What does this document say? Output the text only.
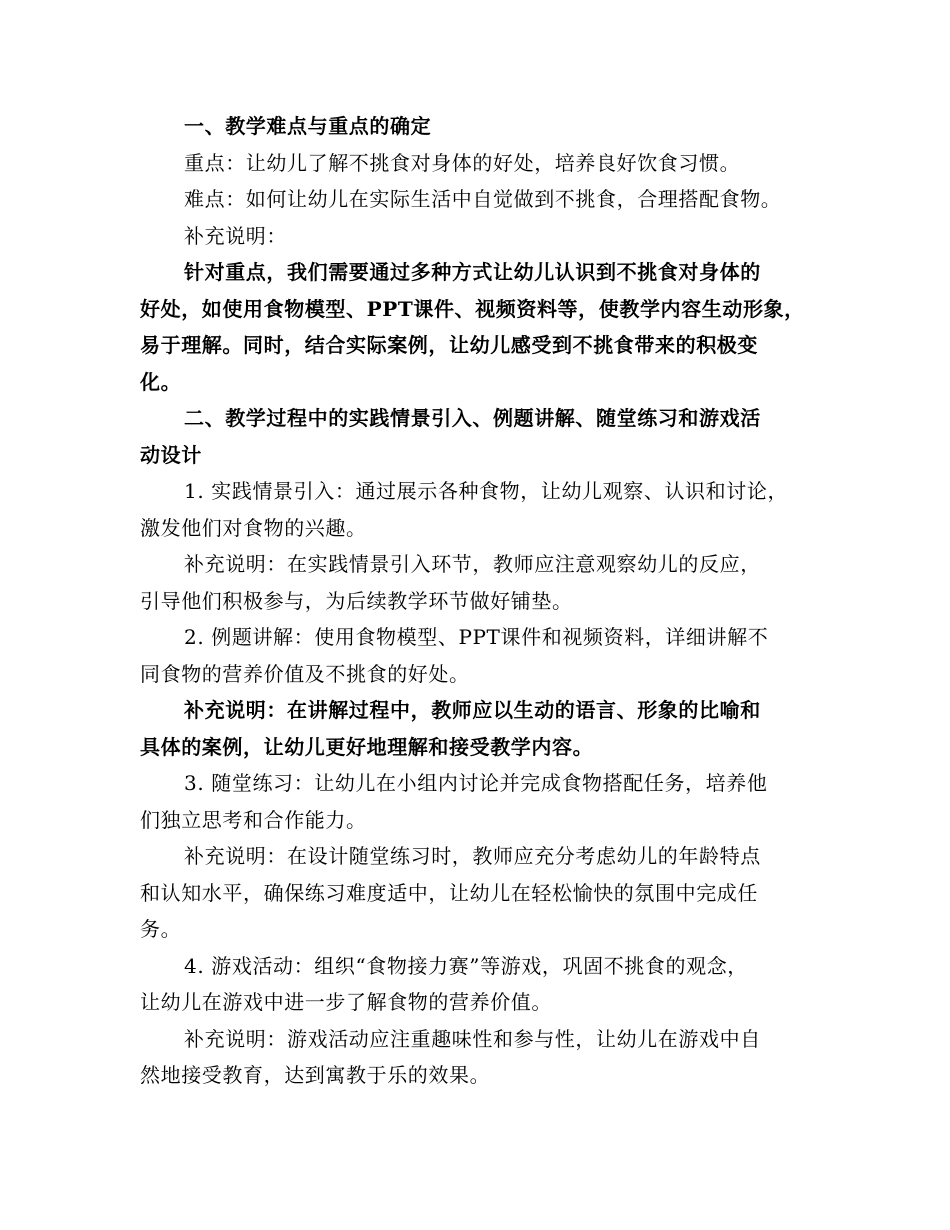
一、教学难点与重点的确定

重点：让幼儿了解不挑食对身体的好处，培养良好饮食习惯。

难点：如何让幼儿在实际生活中自觉做到不挑食，合理搭配食物。

补充说明：

针对重点，我们需要通过多种方式让幼儿认识到不挑食对身体的
好处，如使用食物模型、PPT课件、视频资料等，使教学内容生动形象，
易于理解。同时，结合实际案例，让幼儿感受到不挑食带来的积极变
化。

二、教学过程中的实践情景引入、例题讲解、随堂练习和游戏活
动设计

1. 实践情景引入：通过展示各种食物，让幼儿观察、认识和讨论，
激发他们对食物的兴趣。

补充说明：在实践情景引入环节，教师应注意观察幼儿的反应，
引导他们积极参与，为后续教学环节做好铺垫。

2. 例题讲解：使用食物模型、PPT课件和视频资料，详细讲解不
同食物的营养价值及不挑食的好处。

补充说明：在讲解过程中，教师应以生动的语言、形象的比喻和
具体的案例，让幼儿更好地理解和接受教学内容。

3. 随堂练习：让幼儿在小组内讨论并完成食物搭配任务，培养他
们独立思考和合作能力。

补充说明：在设计随堂练习时，教师应充分考虑幼儿的年龄特点
和认知水平，确保练习难度适中，让幼儿在轻松愉快的氛围中完成任
务。

4. 游戏活动：组织“食物接力赛”等游戏，巩固不挑食的观念，
让幼儿在游戏中进一步了解食物的营养价值。

补充说明：游戏活动应注重趣味性和参与性，让幼儿在游戏中自
然地接受教育，达到寓教于乐的效果。
